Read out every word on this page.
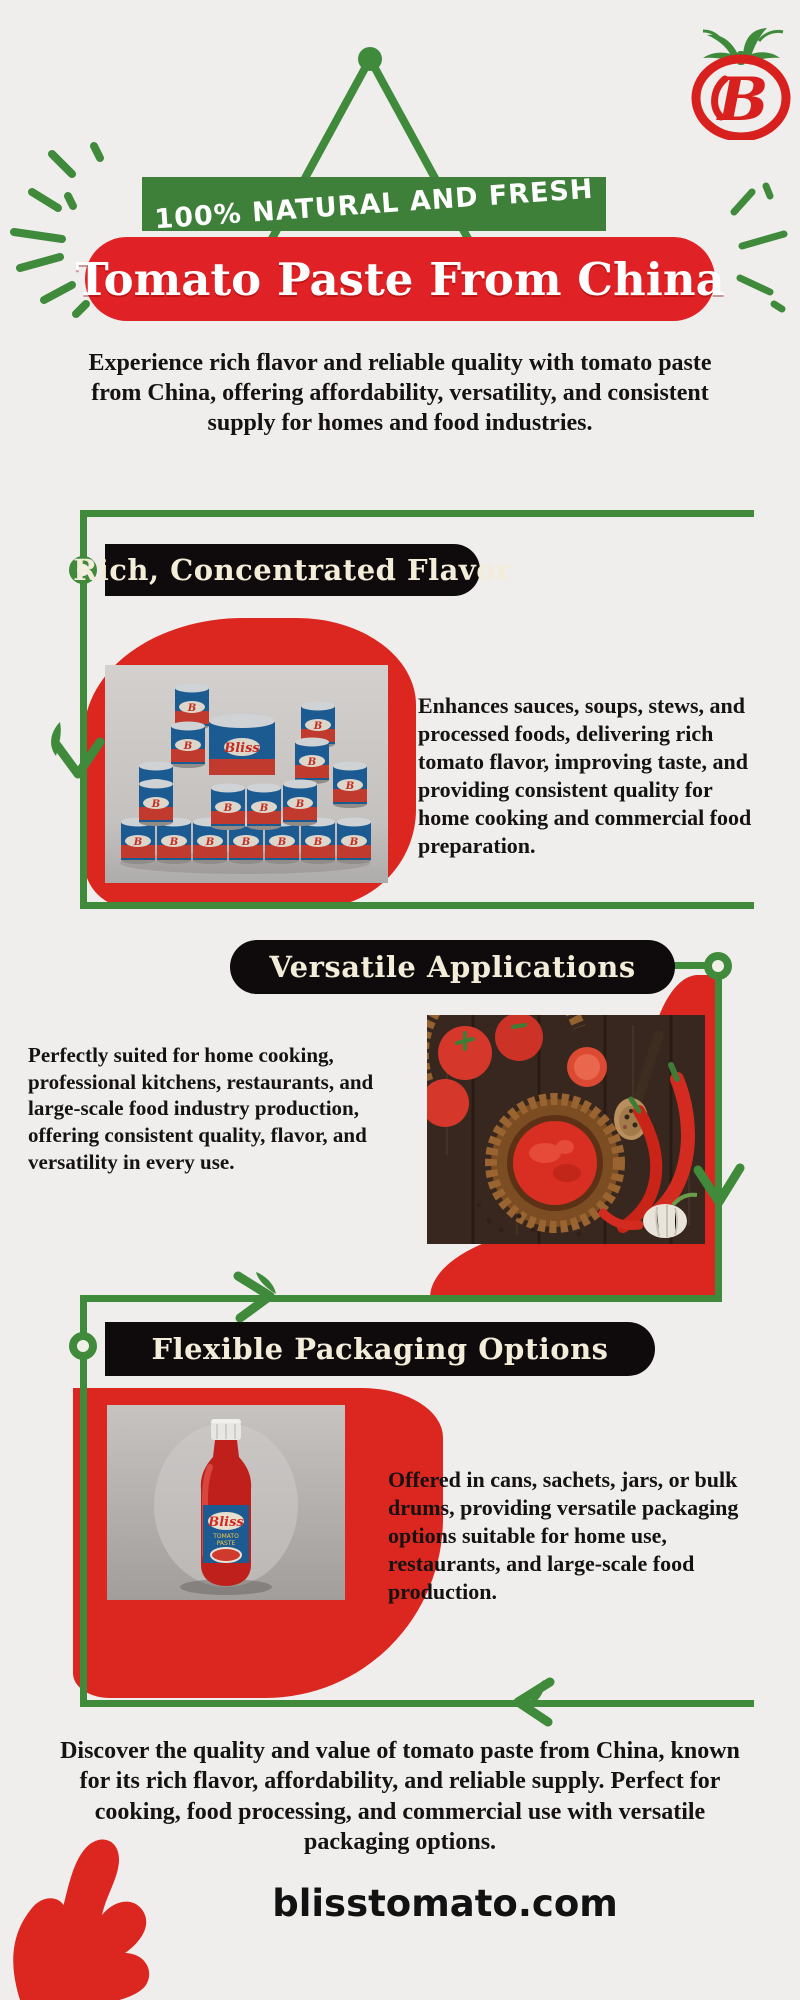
B
100% NATURAL AND FRESH
Tomato Paste From China
Experience rich flavor and reliable quality with tomato paste from China, offering affordability, versatility, and consistent supply for homes and food industries.
Rich, Concentrated Flavor
Bliss
Enhances sauces, soups, stews, and processed foods, delivering rich tomato flavor, improving taste, and providing consistent quality for home cooking and commercial food preparation.
Versatile Applications
Perfectly suited for home cooking, professional kitchens, restaurants, and large-scale food industry production, offering consistent quality, flavor, and versatility in every use.
Flexible Packaging Options
Bliss
TOMATO
PASTE
Offered in cans, sachets, jars, or bulk drums, providing versatile packaging options suitable for home use, restaurants, and large-scale food production.
Discover the quality and value of tomato paste from China, known for its rich flavor, affordability, and reliable supply. Perfect for cooking, food processing, and commercial use with versatile packaging options.
blisstomato.com
